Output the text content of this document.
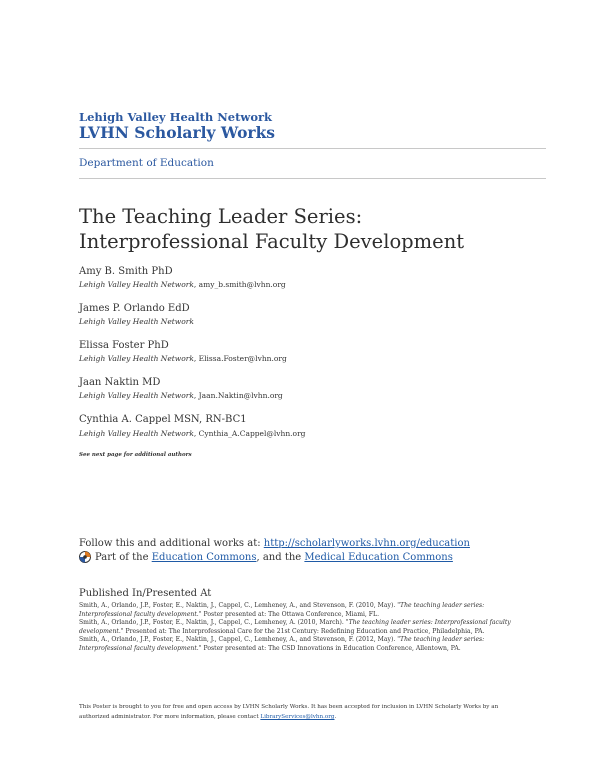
Lehigh Valley Health Network
LVHN Scholarly Works
Department of Education
The Teaching Leader Series: Interprofessional Faculty Development
Amy B. Smith PhD
Lehigh Valley Health Network, amy_b.smith@lvhn.org
James P. Orlando EdD
Lehigh Valley Health Network
Elissa Foster PhD
Lehigh Valley Health Network, Elissa.Foster@lvhn.org
Jaan Naktin MD
Lehigh Valley Health Network, Jaan.Naktin@lvhn.org
Cynthia A. Cappel MSN, RN-BC1
Lehigh Valley Health Network, Cynthia_A.Cappel@lvhn.org
See next page for additional authors
Follow this and additional works at: http://scholarlyworks.lvhn.org/education
Part of the
Education Commons , and the
Medical Education Commons
Published In/Presented At

Smith, A., Orlando, J.P., Foster, E., Naktin, J., Cappel, C., Lemheney, A., and Stevenson, F. (2010, May). "The teaching leader series: Interprofessional faculty development." Poster presented at: The Ottawa Conference, Miami, FL.

Smith, A., Orlando, J.P., Foster, E., Naktin, J., Cappel, C., Lemheney, A. (2010, March). "The teaching leader series: Interprofessional faculty development." Presented at: The Interprofessional Care for the 21st Century: Redefining Education and Practice, Philadelphia, PA.

Smith, A., Orlando, J.P., Foster, E., Naktin, J., Cappel, C., Lemheney, A., and Stevenson, F. (2012, May). "The teaching leader series: Interprofessional faculty development." Poster presented at: The CSD Innovations in Education Conference, Allentown, PA.

This Poster is brought to you for free and open access by LVHN Scholarly Works. It has been accepted for inclusion in LVHN Scholarly Works by an authorized administrator. For more information, please contact LibraryServices@lvhn.org.
